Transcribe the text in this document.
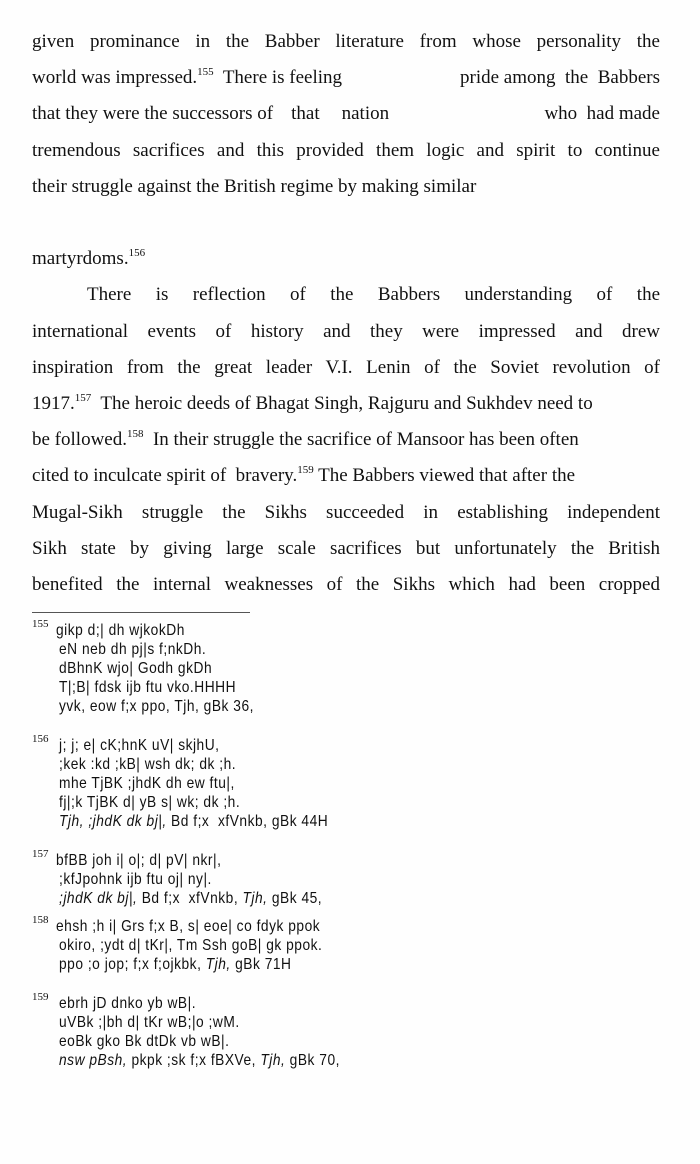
given prominance in the Babber literature from whose personality the
world was impressed.$^{155}$  There is feeling	pride among  the  Babbers
that they were the successors of that nation	who  had made
tremendous sacrifices and this provided them logic and spirit to continue
their struggle against the British regime by making similar
martyrdoms.$^{156}$
There is reflection of the Babbers understanding of the
international events of history and they were impressed and drew
inspiration from the great leader V.I. Lenin of the Soviet revolution of
1917.$^{157}$  The heroic deeds of Bhagat Singh, Rajguru and Sukhdev need to
be followed.$^{158}$  In their struggle the sacrifice of Mansoor has been often
cited to inculcate spirit of  bravery.$^{159}$ The Babbers viewed that after the
Mugal-Sikh struggle the Sikhs succeeded in establishing independent
Sikh state by giving large scale sacrifices but unfortunately the British
benefited the internal weaknesses of the Sikhs which had been cropped
155 gikp d;| dh wjkokDh
eN neb dh pj|s f;nkDh.
dBhnK wjo| Godh gkDh
T|;B| fdsk ijb ftu vko.HHHH
yvk, eow f;x ppo, Tjh, gBk 36,
156 j; j; e| cK;hnK uV| skjhU,
;kek :kd ;kB| wsh dk; dk ;h.
mhe TjBK ;jhdK dh ew ftu|,
fj|;k TjBK d| yB s| wk; dk ;h.
Tjh, ;jhdK dk bj|, Bd f;x  xfVnkb, gBk 44H
157 bfBB joh i| o|; d| pV| nkr|,
;kfJpohnk ijb ftu oj| ny|.
;jhdK dk bj|, Bd f;x  xfVnkb, Tjh, gBk 45,
158 ehsh ;h i| Grs f;x B, s| eoe| co fdyk ppok
okiro, ;ydt d| tKr|, Tm Ssh goB| gk ppok.
ppo ;o jop; f;x f;ojkbk, Tjh, gBk 71H
159 ebrh jD dnko yb wB|.
uVBk ;|bh d| tKr wB;|o ;wM.
eoBk gko Bk dtDk vb wB|.
nsw pBsh, pkpk ;sk f;x fBXVe, Tjh, gBk 70,
